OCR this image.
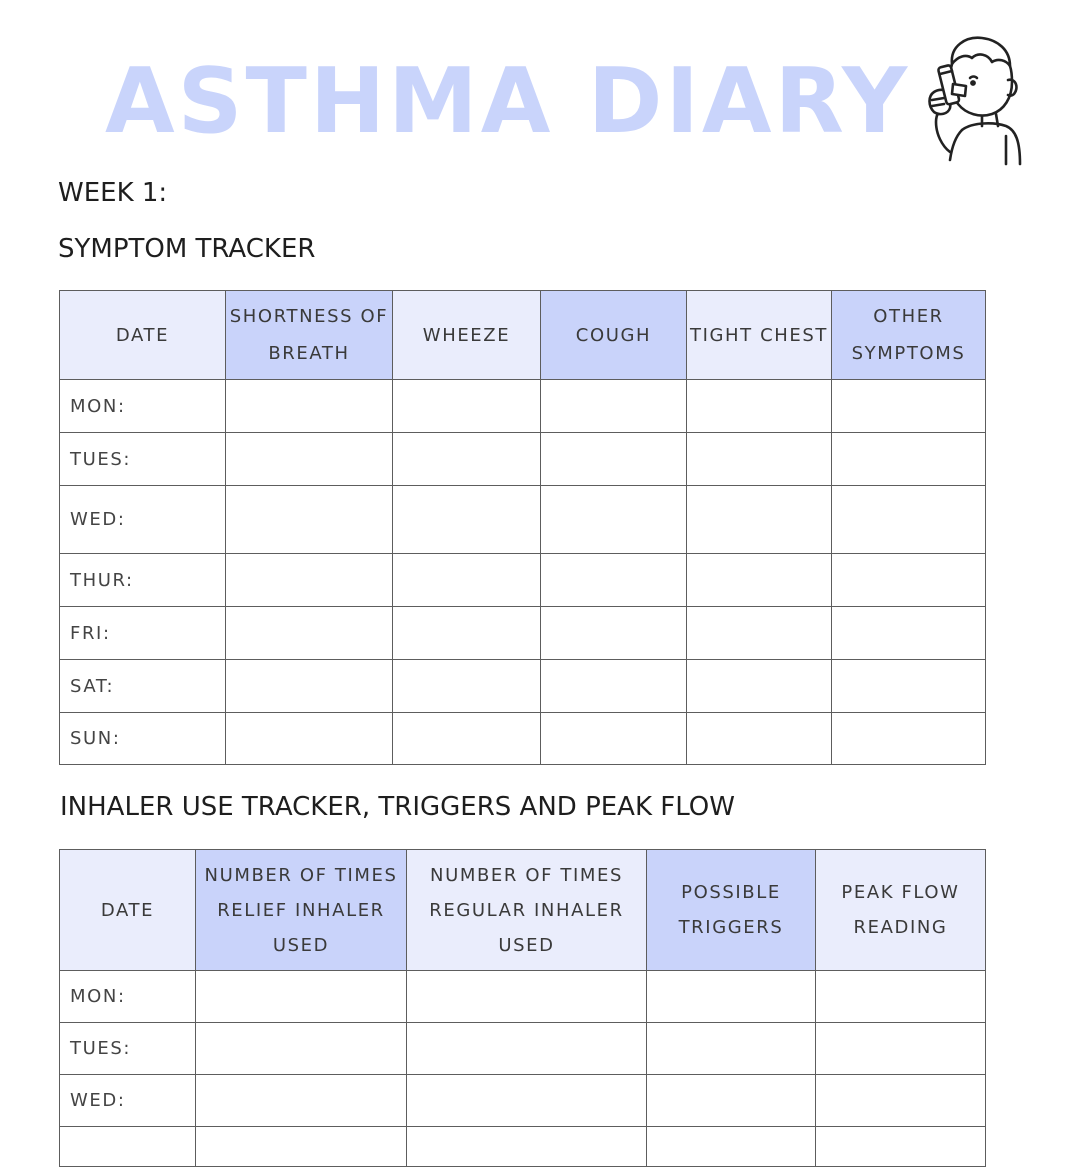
ASTHMA DIARY
WEEK 1:
SYMPTOM TRACKER
DATE	SHORTNESS OF BREATH	WHEEZE	COUGH	TIGHT CHEST	OTHER SYMPTOMS
MON:					
TUES:					
WED:					
THUR:					
FRI:					
SAT:					
SUN:					
INHALER USE TRACKER, TRIGGERS AND PEAK FLOW
DATE	NUMBER OF TIMES RELIEF INHALER USED	NUMBER OF TIMES REGULAR INHALER USED	POSSIBLE TRIGGERS	PEAK FLOW READING
MON:				
TUES:				
WED:				
